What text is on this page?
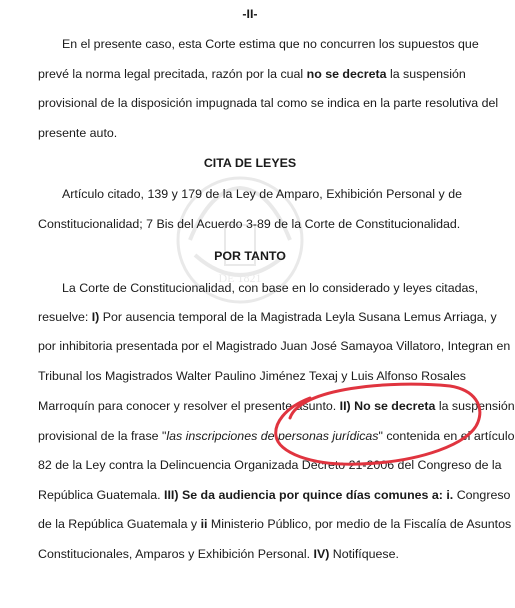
DE 1821
-II-
En el presente caso, esta Corte estima que no concurren los supuestos que
prevé la norma legal precitada, razón por la cual no se decreta la suspensión
provisional de la disposición impugnada tal como se indica en la parte resolutiva del
presente auto.
CITA DE LEYES
Artículo citado, 139 y 179 de la Ley de Amparo, Exhibición Personal y de
Constitucionalidad; 7 Bis del Acuerdo 3-89 de la Corte de Constitucionalidad.
POR TANTO
La Corte de Constitucionalidad, con base en lo considerado y leyes citadas,
resuelve: I) Por ausencia temporal de la Magistrada Leyla Susana Lemus Arriaga, y
por inhibitoria presentada por el Magistrado Juan José Samayoa Villatoro, Integran en
Tribunal los Magistrados Walter Paulino Jiménez Texaj y Luis Alfonso Rosales
Marroquín para conocer y resolver el presente asunto. II) No se decreta la suspensión
provisional de la frase "las inscripciones de personas jurídicas" contenida en el artículo
82 de la Ley contra la Delincuencia Organizada Decreto 21-2006 del Congreso de la
República Guatemala. III) Se da audiencia por quince días comunes a: i. Congreso
de la República Guatemala y ii Ministerio Público, por medio de la Fiscalía de Asuntos
Constitucionales, Amparos y Exhibición Personal. IV) Notifíquese.
